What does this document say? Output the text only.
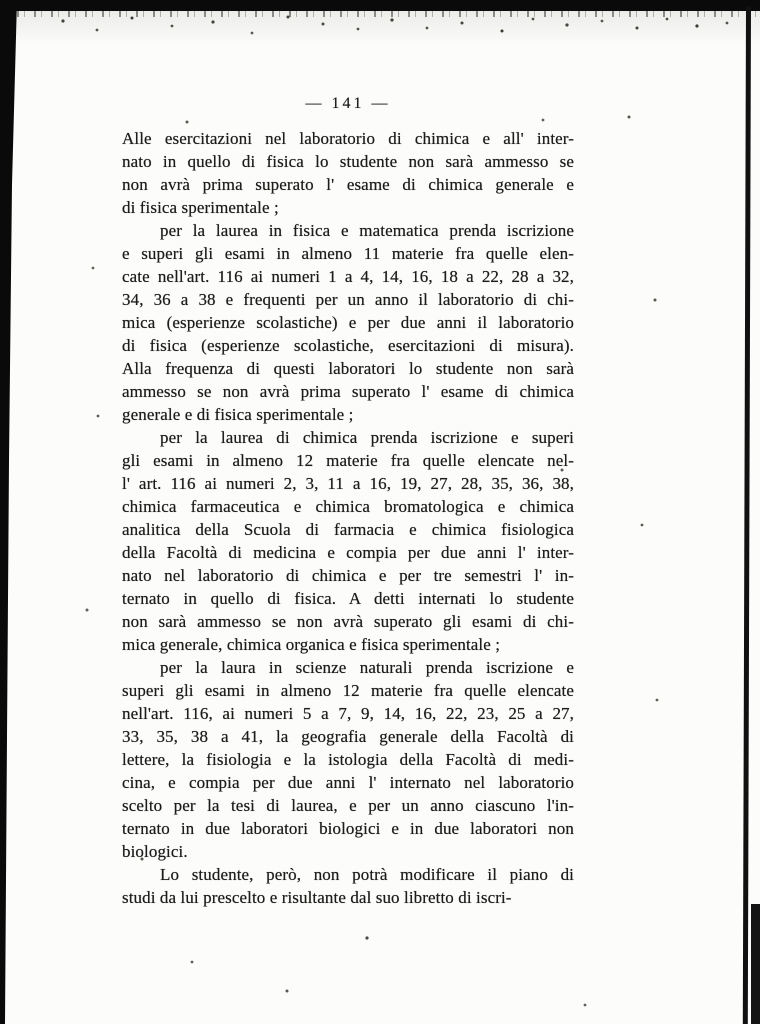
— 141 —
Alle esercitazioni nel laboratorio di chimica e all' inter-
nato in quello di fisica lo studente non sarà ammesso se
non avrà prima superato l' esame di chimica generale e
di fisica sperimentale ;
per la laurea in fisica e matematica prenda iscrizione
e superi gli esami in almeno 11 materie fra quelle elen-
cate nell'art. 116 ai numeri 1 a 4, 14, 16, 18 a 22, 28 a 32,
34, 36 a 38 e frequenti per un anno il laboratorio di chi-
mica (esperienze scolastiche) e per due anni il laboratorio
di fisica (esperienze scolastiche, esercitazioni di misura).
Alla frequenza di questi laboratori lo studente non sarà
ammesso se non avrà prima superato l' esame di chimica
generale e di fisica sperimentale ;
per la laurea di chimica prenda iscrizione e superi
gli esami in almeno 12 materie fra quelle elencate nel-
l' art. 116 ai numeri 2, 3, 11 a 16, 19, 27, 28, 35, 36, 38,
chimica farmaceutica e chimica bromatologica e chimica
analitica della Scuola di farmacia e chimica fisiologica
della Facoltà di medicina e compia per due anni l' inter-
nato nel laboratorio di chimica e per tre semestri l' in-
ternato in quello di fisica. A detti internati lo studente
non sarà ammesso se non avrà superato gli esami di chi-
mica generale, chimica organica e fisica sperimentale ;
per la laura in scienze naturali prenda iscrizione e
superi gli esami in almeno 12 materie fra quelle elencate
nell'art. 116, ai numeri 5 a 7, 9, 14, 16, 22, 23, 25 a 27,
33, 35, 38 a 41, la geografia generale della Facoltà di
lettere, la fisiologia e la istologia della Facoltà di medi-
cina, e compia per due anni l' internato nel laboratorio
scelto per la tesi di laurea, e per un anno ciascuno l'in-
ternato in due laboratori biologici e in due laboratori non
biologici.
Lo studente, però, non potrà modificare il piano di
studi da lui prescelto e risultante dal suo libretto di iscri-
